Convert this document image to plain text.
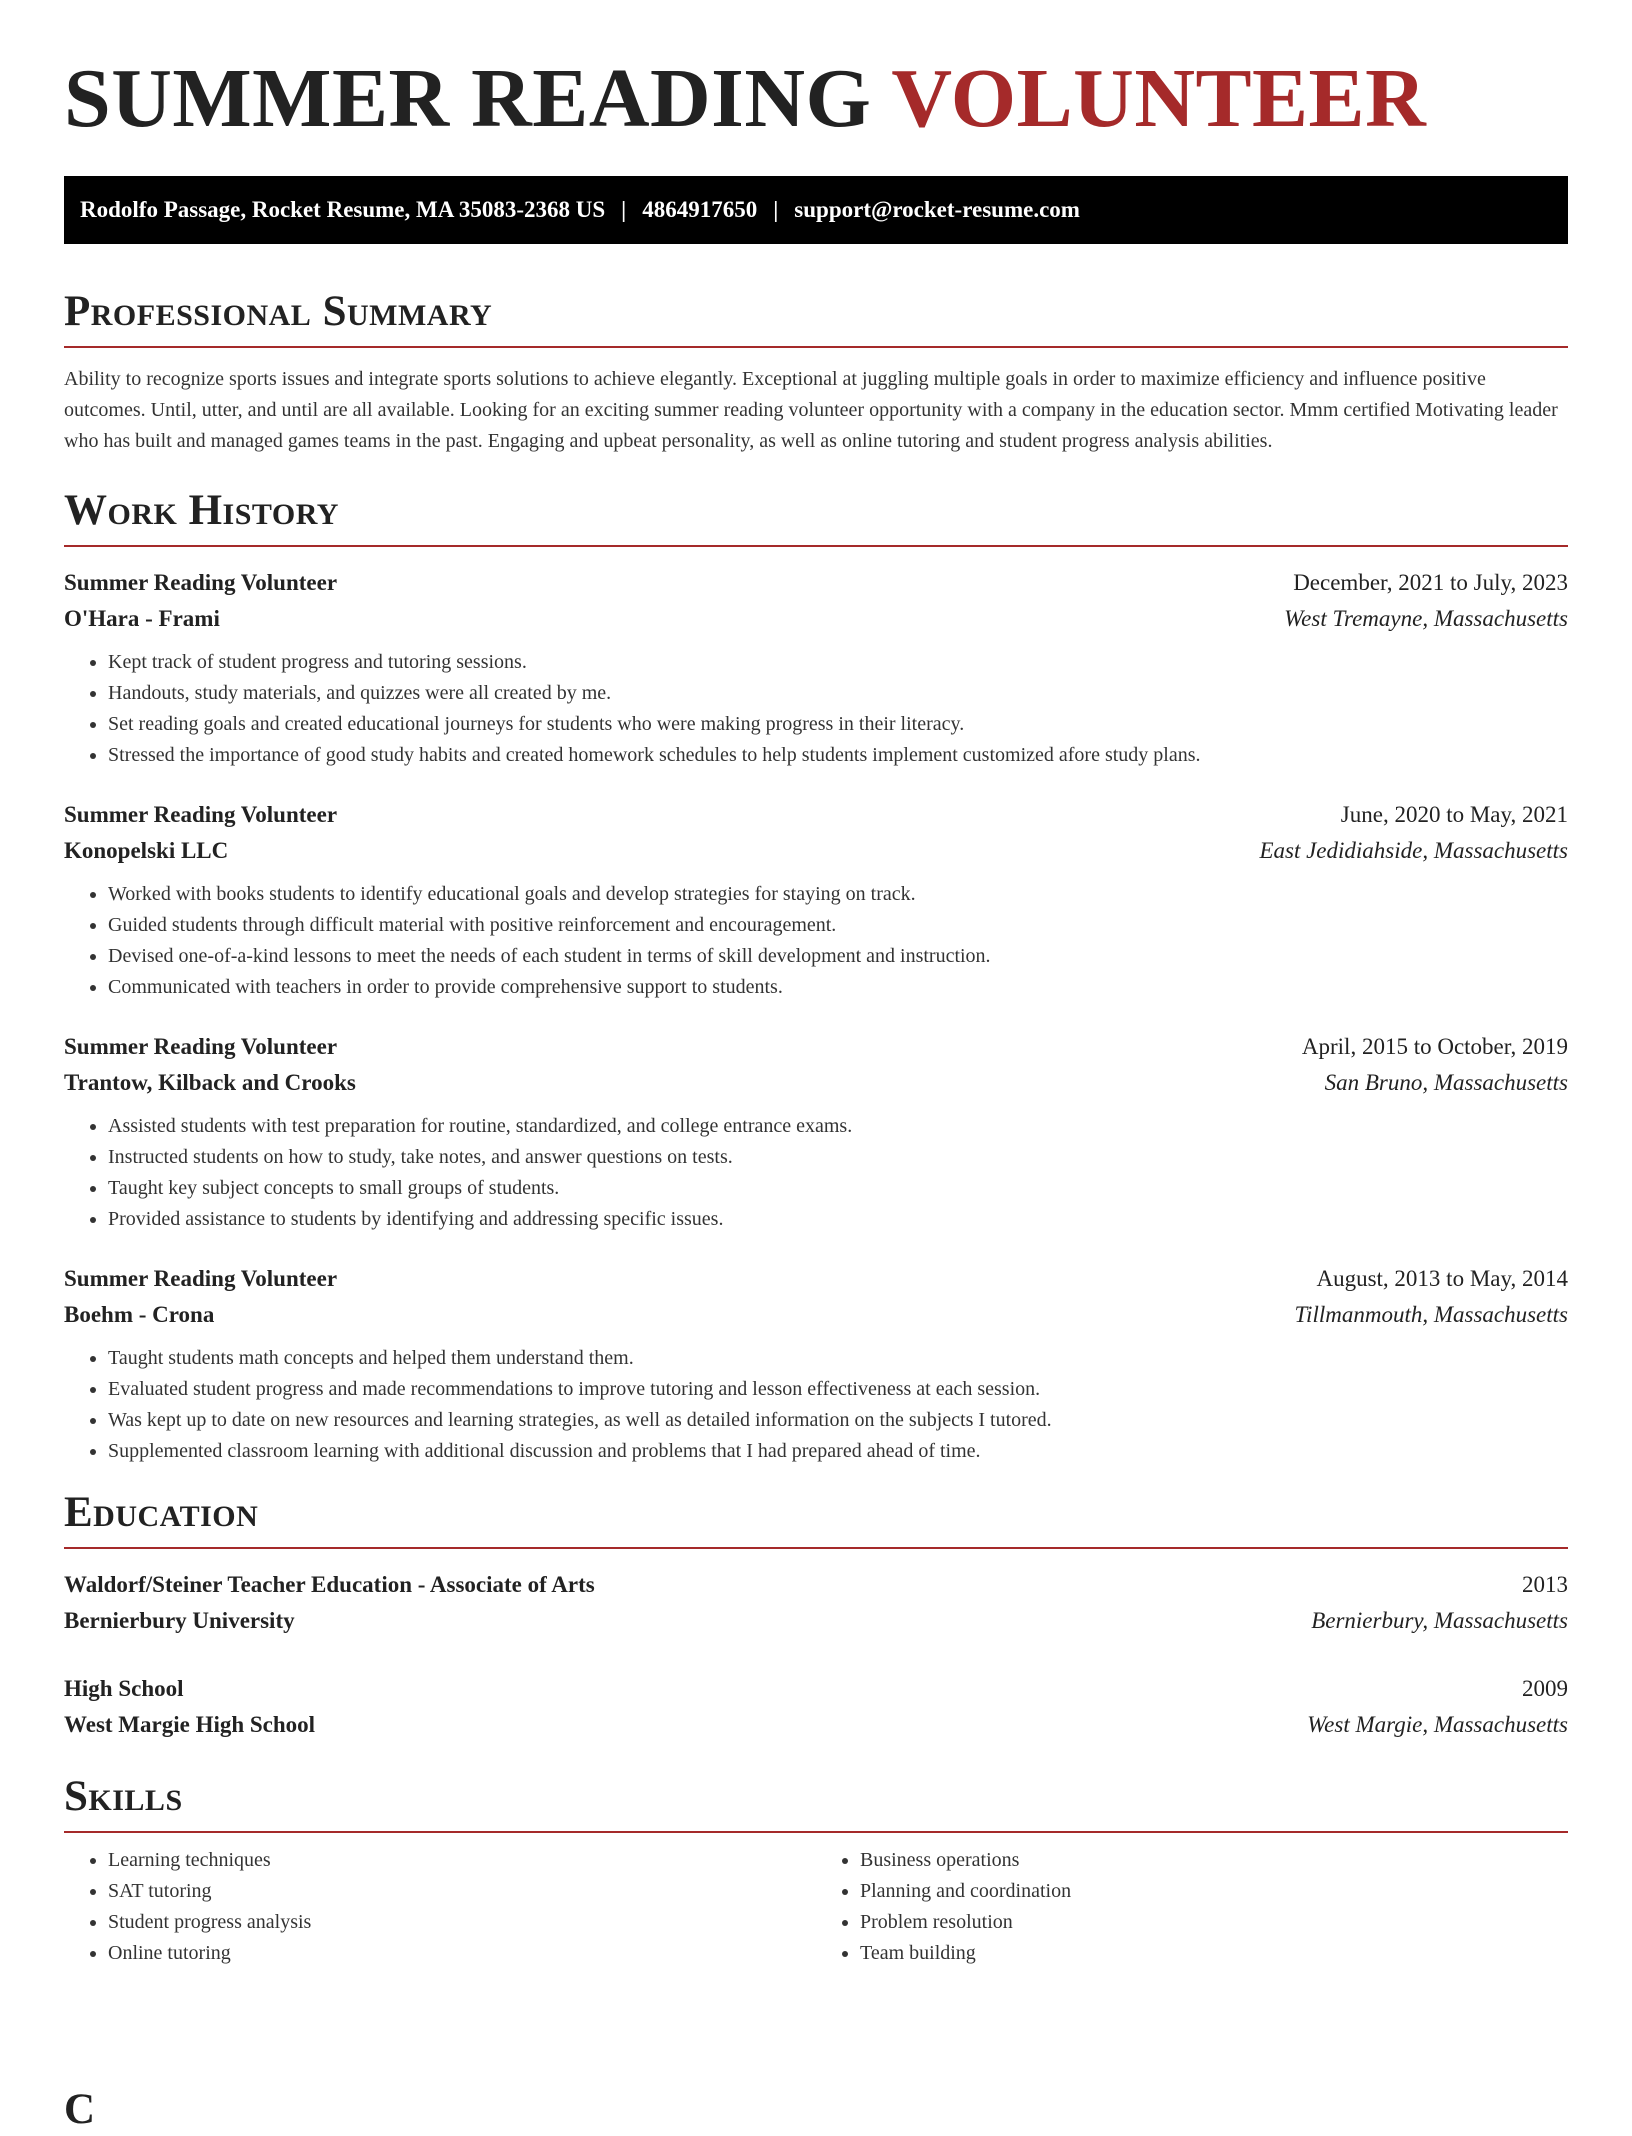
SUMMER READING VOLUNTEER
Rodolfo Passage, Rocket Resume, MA 35083-2368 US | 4864917650 | support@rocket-resume.com
Professional Summary

Ability to recognize sports issues and integrate sports solutions to achieve elegantly. Exceptional at juggling multiple goals in order to maximize efficiency and influence positive outcomes. Until, utter, and until are all available. Looking for an exciting summer reading volunteer opportunity with a company in the education sector. Mmm certified Motivating leader who has built and managed games teams in the past. Engaging and upbeat personality, as well as online tutoring and student progress analysis abilities.

Work History
Summer Reading Volunteer	December, 2021 to July, 2023
O'Hara - Frami	West Tremayne, Massachusetts
• Kept track of student progress and tutoring sessions.
• Handouts, study materials, and quizzes were all created by me.
• Set reading goals and created educational journeys for students who were making progress in their literacy.
• Stressed the importance of good study habits and created homework schedules to help students implement customized afore study plans.
Summer Reading Volunteer	June, 2020 to May, 2021
Konopelski LLC	East Jedidiahside, Massachusetts
• Worked with books students to identify educational goals and develop strategies for staying on track.
• Guided students through difficult material with positive reinforcement and encouragement.
• Devised one-of-a-kind lessons to meet the needs of each student in terms of skill development and instruction.
• Communicated with teachers in order to provide comprehensive support to students.
Summer Reading Volunteer	April, 2015 to October, 2019
Trantow, Kilback and Crooks	San Bruno, Massachusetts
• Assisted students with test preparation for routine, standardized, and college entrance exams.
• Instructed students on how to study, take notes, and answer questions on tests.
• Taught key subject concepts to small groups of students.
• Provided assistance to students by identifying and addressing specific issues.
Summer Reading Volunteer	August, 2013 to May, 2014
Boehm - Crona	Tillmanmouth, Massachusetts
• Taught students math concepts and helped them understand them.
• Evaluated student progress and made recommendations to improve tutoring and lesson effectiveness at each session.
• Was kept up to date on new resources and learning strategies, as well as detailed information on the subjects I tutored.
• Supplemented classroom learning with additional discussion and problems that I had prepared ahead of time.
Education
Waldorf/Steiner Teacher Education - Associate of Arts	2013
Bernierbury University	Bernierbury, Massachusetts
High School	2009
West Margie High School	West Margie, Massachusetts
Skills
• Learning techniques
• SAT tutoring
• Student progress analysis
• Online tutoring
• Business operations
• Planning and coordination
• Problem resolution
• Team building
C
